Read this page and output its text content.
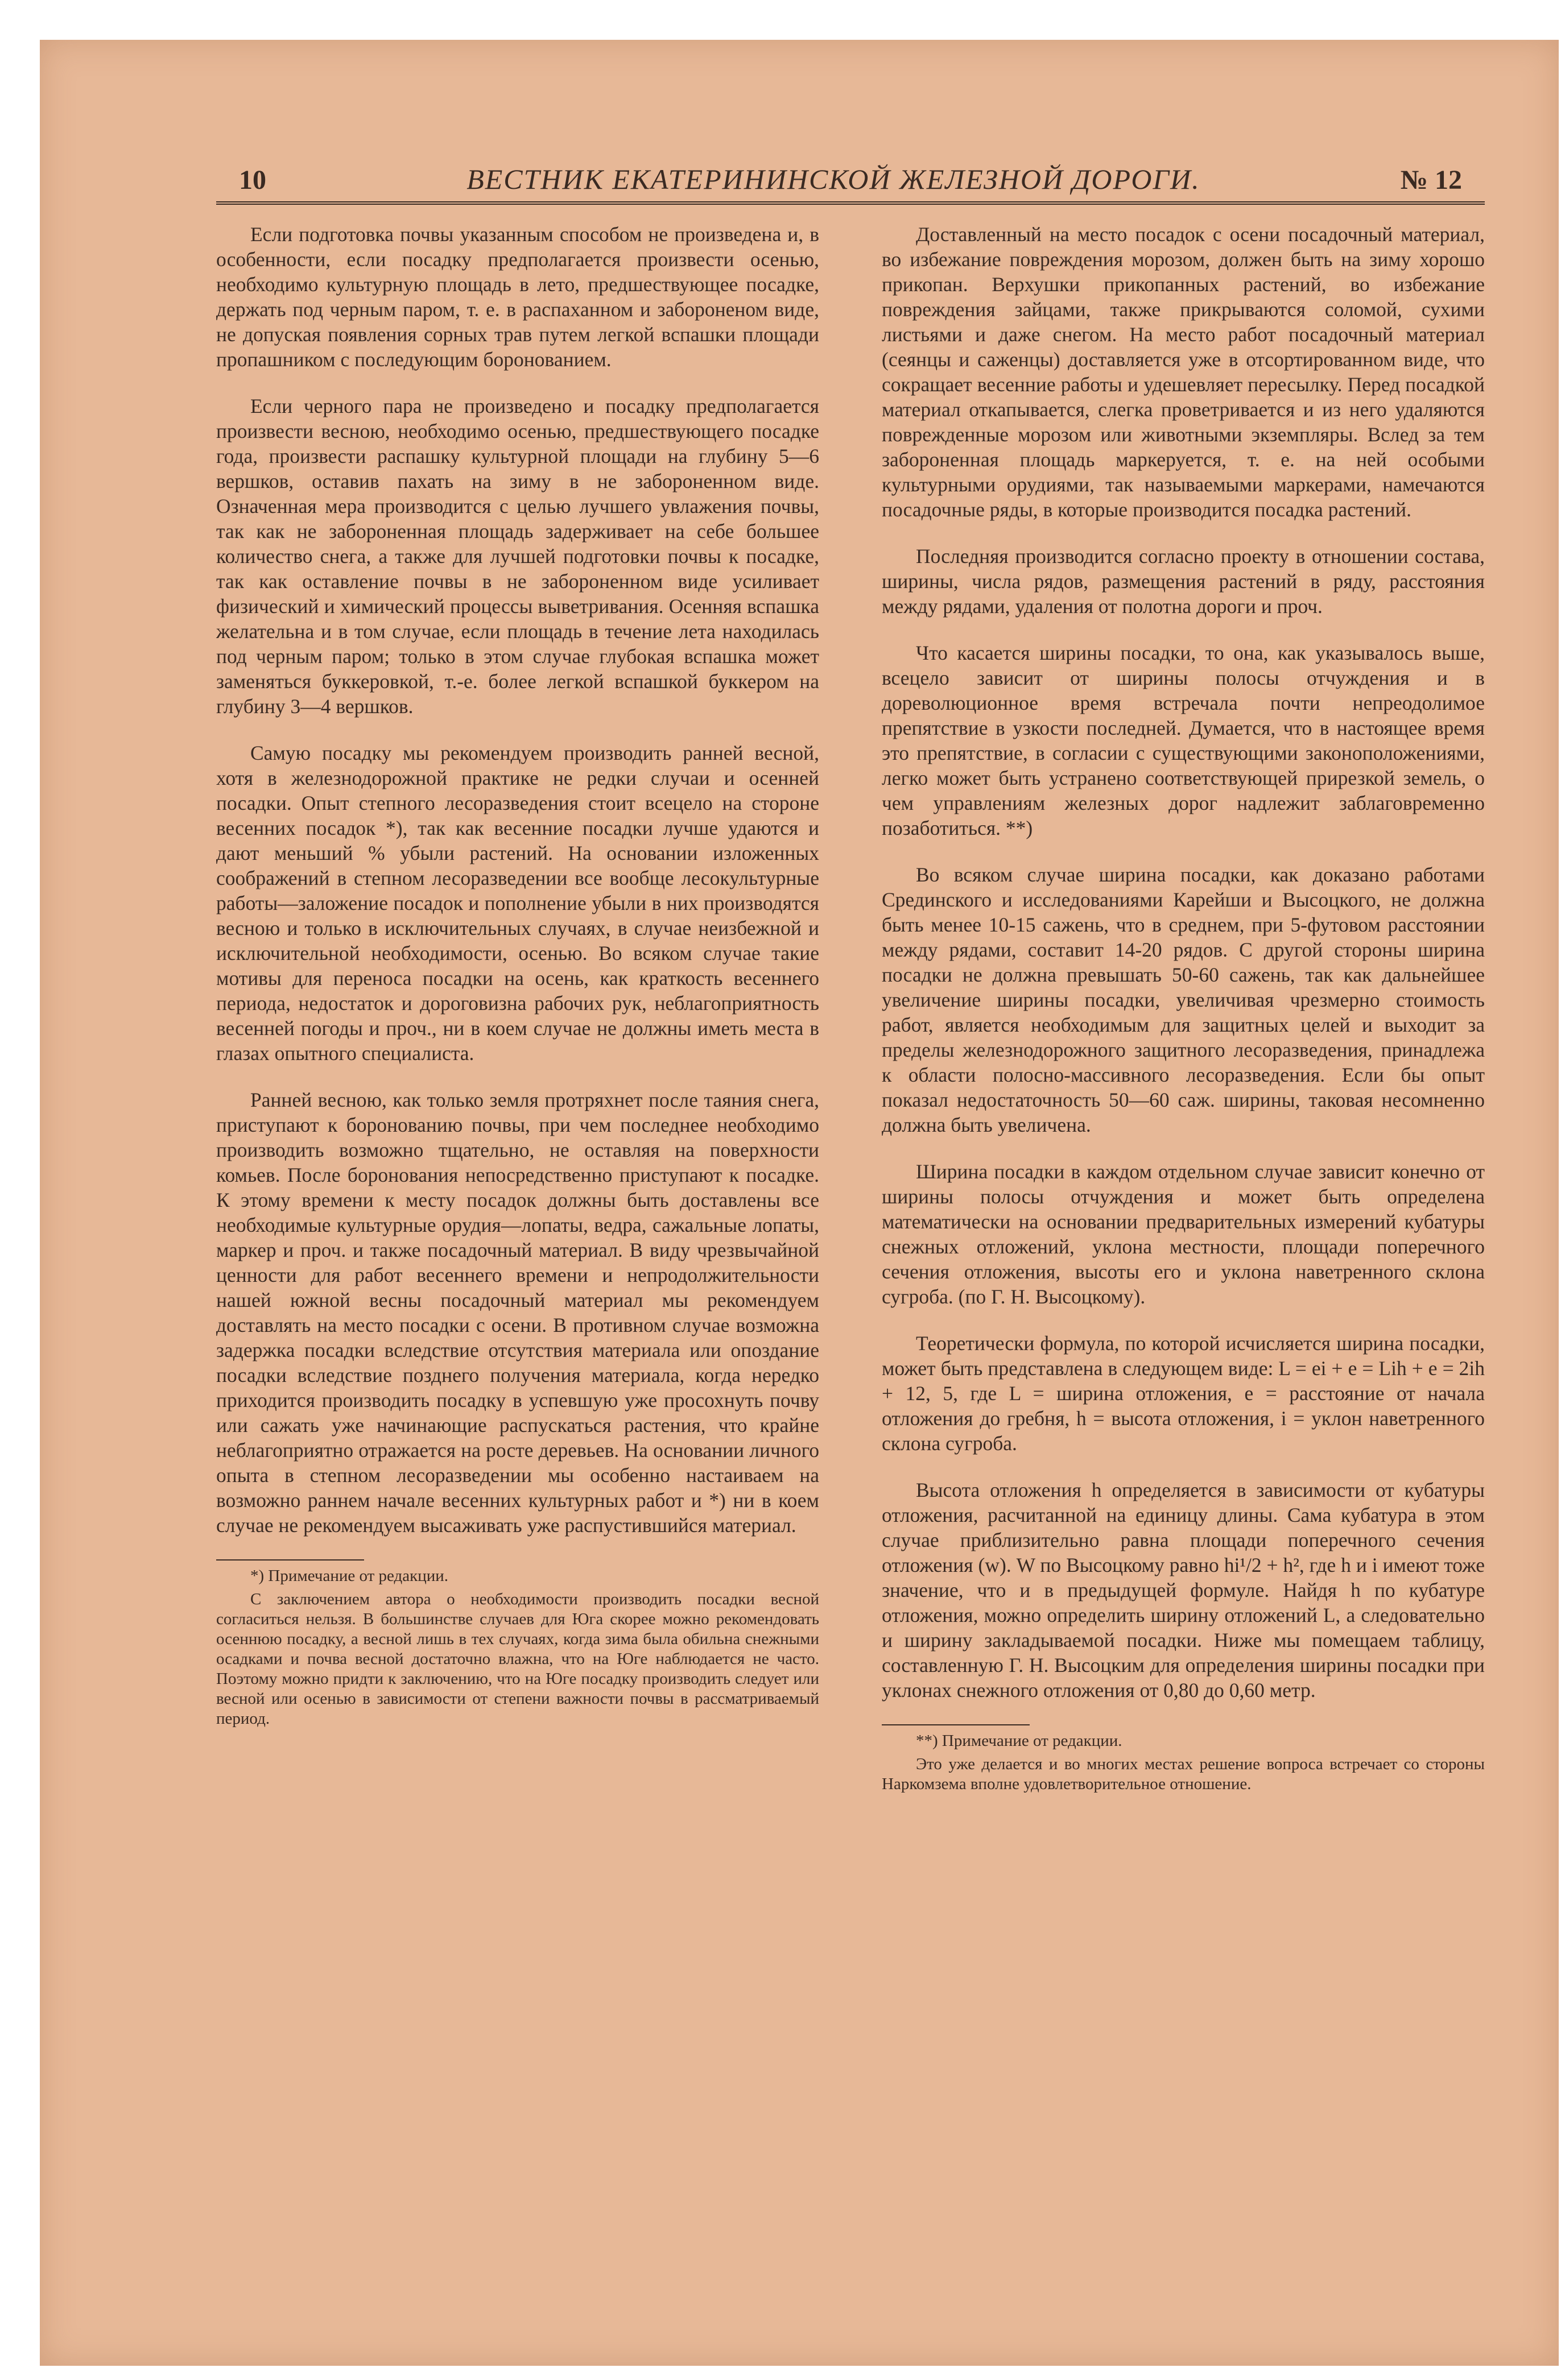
10	ВЕСТНИК ЕКАТЕРИНИНСКОЙ ЖЕЛЕЗНОЙ ДОРОГИ.	№ 12

Если подготовка почвы указанным способом не произведена и, в особенности, если посадку предполагается произвести осенью, необходимо культурную площадь в лето, предшествующее посадке, держать под черным паром, т. е. в распаханном и забороненом виде, не допуская появления сорных трав путем легкой вспашки площади пропашником с последующим боронованием.

Если черного пара не произведено и посадку предполагается произвести весною, необходимо осенью, предшествующего посадке года, произвести распашку культурной площади на глубину 5—6 вершков, оставив пахать на зиму в не забороненном виде. Означенная мера производится с целью лучшего увлажения почвы, так как не забороненная площадь задерживает на себе большее количество снега, а также для лучшей подготовки почвы к посадке, так как оставление почвы в не забороненном виде усиливает физический и химический процессы выветривания. Осенняя вспашка желательна и в том случае, если площадь в течение лета находилась под черным паром; только в этом случае глубокая вспашка может заменяться буккеровкой, т.-е. более легкой вспашкой буккером на глубину 3—4 вершков.

Самую посадку мы рекомендуем производить ранней весной, хотя в железнодорожной практике не редки случаи и осенней посадки. Опыт степного лесоразведения стоит всецело на стороне весенних посадок *), так как весенние посадки лучше удаются и дают меньший % убыли растений. На основании изложенных соображений в степном лесоразведении все вообще лесокультурные работы—заложение посадок и пополнение убыли в них производятся весною и только в исключительных случаях, в случае неизбежной и исключительной необходимости, осенью. Во всяком случае такие мотивы для переноса посадки на осень, как краткость весеннего периода, недостаток и дороговизна рабочих рук, неблагоприятность весенней погоды и проч., ни в коем случае не должны иметь места в глазах опытного специалиста.

Ранней весною, как только земля протряхнет после таяния снега, приступают к боронованию почвы, при чем последнее необходимо производить возможно тщательно, не оставляя на поверхности комьев. После боронования непосредственно приступают к посадке. К этому времени к месту посадок должны быть доставлены все необходимые культурные орудия—лопаты, ведра, сажальные лопаты, маркер и проч. и также посадочный материал. В виду чрезвычайной ценности для работ весеннего времени и непродолжительности нашей южной весны посадочный материал мы рекомендуем доставлять на место посадки с осени. В противном случае возможна задержка посадки вследствие отсутствия материала или опоздание посадки вследствие позднего получения материала, когда нередко приходится производить посадку в успевшую уже просохнуть почву или сажать уже начинающие распускаться растения, что крайне неблагоприятно отражается на росте деревьев. На основании личного опыта в степном лесоразведении мы особенно настаиваем на возможно раннем начале весенних культурных работ и *) ни в коем случае не рекомендуем высаживать уже распустившийся материал.

*) Примечание от редакции.

С заключением автора о необходимости производить посадки весной согласиться нельзя. В большинстве случаев для Юга скорее можно рекомендовать осеннюю посадку, а весной лишь в тех случаях, когда зима была обильна снежными осадками и почва весной достаточно влажна, что на Юге наблюдается не часто. Поэтому можно придти к заключению, что на Юге посадку производить следует или весной или осенью в зависимости от степени важности почвы в рассматриваемый период.

Доставленный на место посадок с осени посадочный материал, во избежание повреждения морозом, должен быть на зиму хорошо прикопан. Верхушки прикопанных растений, во избежание повреждения зайцами, также прикрываются соломой, сухими листьями и даже снегом. На место работ посадочный материал (сеянцы и саженцы) доставляется уже в отсортированном виде, что сокращает весенние работы и удешевляет пересылку. Перед посадкой материал откапывается, слегка проветривается и из него удаляются поврежденные морозом или животными экземпляры. Вслед за тем забороненная площадь маркеруется, т. е. на ней особыми культурными орудиями, так называемыми маркерами, намечаются посадочные ряды, в которые производится посадка растений.

Последняя производится согласно проекту в отношении состава, ширины, числа рядов, размещения растений в ряду, расстояния между рядами, удаления от полотна дороги и проч.

Что касается ширины посадки, то она, как указывалось выше, всецело зависит от ширины полосы отчуждения и в дореволюционное время встречала почти непреодолимое препятствие в узкости последней. Думается, что в настоящее время это препятствие, в согласии с существующими законоположениями, легко может быть устранено соответствующей прирезкой земель, о чем управлениям железных дорог надлежит заблаговременно позаботиться. **)

Во всяком случае ширина посадки, как доказано работами Срединского и исследованиями Карейши и Высоцкого, не должна быть менее 10-15 сажень, что в среднем, при 5-футовом расстоянии между рядами, составит 14-20 рядов. С другой стороны ширина посадки не должна превышать 50-60 сажень, так как дальнейшее увеличение ширины посадки, увеличивая чрезмерно стоимость работ, является необходимым для защитных целей и выходит за пределы железнодорожного защитного лесоразведения, принадлежа к области полосно-массивного лесоразведения. Если бы опыт показал недостаточность 50—60 саж. ширины, таковая несомненно должна быть увеличена.

Ширина посадки в каждом отдельном случае зависит конечно от ширины полосы отчуждения и может быть определена математически на основании предварительных измерений кубатуры снежных отложений, уклона местности, площади поперечного сечения отложения, высоты его и уклона наветренного склона сугроба. (по Г. Н. Высоцкому).

Теоретически формула, по которой исчисляется ширина посадки, может быть представлена в следующем виде: L = ei + e = Lih + e = 2ih + 12, 5, где L = ширина отложения, e = расстояние от начала отложения до гребня, h = высота отложения, i = уклон наветренного склона сугроба.

Высота отложения h определяется в зависимости от кубатуры отложения, расчитанной на единицу длины. Сама кубатура в этом случае приблизительно равна площади поперечного сечения отложения (w). W по Высоцкому равно hi¹/2 + h², где h и i имеют тоже значение, что и в предыдущей формуле. Найдя h по кубатуре отложения, можно определить ширину отложений L, а следовательно и ширину закладываемой посадки. Ниже мы помещаем таблицу, составленную Г. Н. Высоцким для определения ширины посадки при уклонах снежного отложения от 0,80 до 0,60 метр.

**) Примечание от редакции.

Это уже делается и во многих местах решение вопроса встречает со стороны Наркомзема вполне удовлетворительное отношение.
